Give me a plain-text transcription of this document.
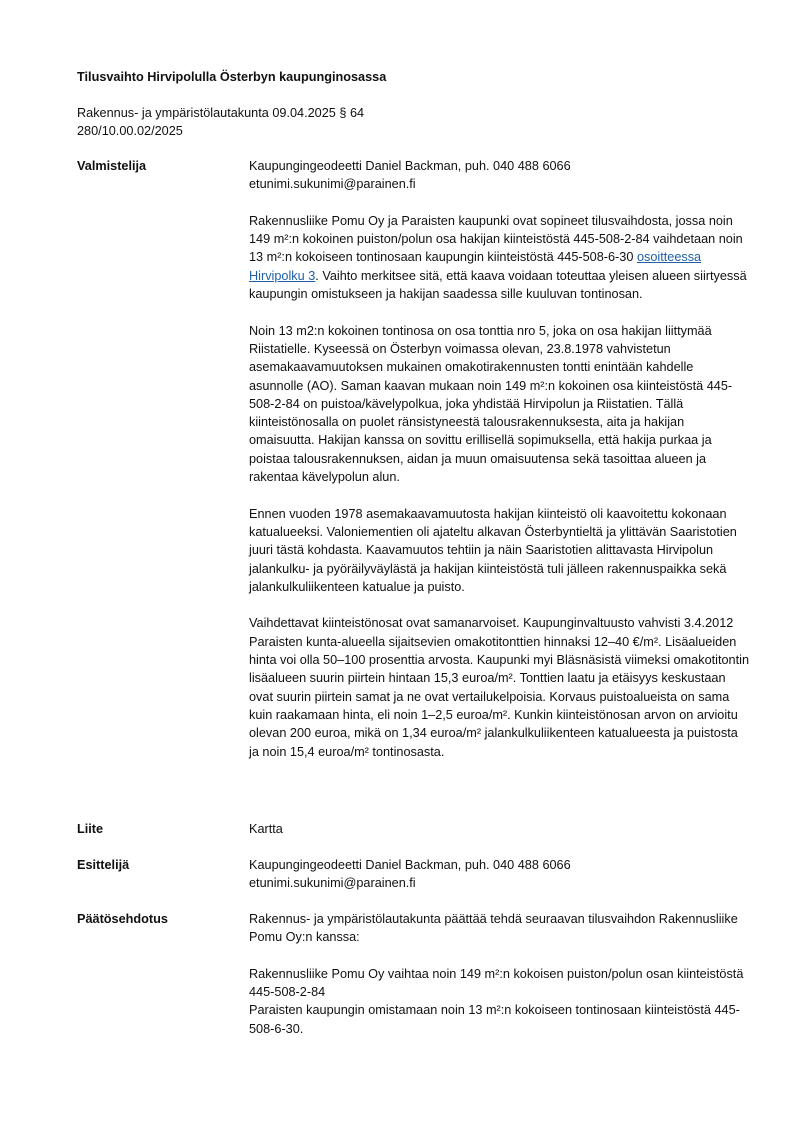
Tilusvaihto Hirvipolulla Österbyn kaupunginosassa
Rakennus- ja ympäristölautakunta 09.04.2025 § 64
280/10.00.02/2025
Valmistelija	Kaupungingeodeetti Daniel Backman, puh. 040 488 6066
etunimi.sukunimi@parainen.fi

Rakennusliike Pomu Oy ja Paraisten kaupunki ovat sopineet tilusvaihdosta, jossa noin 149 m²:n kokoinen puiston/polun osa hakijan kiinteistöstä 445-508-2-84 vaihdetaan noin 13 m²:n kokoiseen tontinosaan kaupungin kiinteistöstä 445-508-6-30 osoitteessa Hirvipolku 3. Vaihto merkitsee sitä, että kaava voidaan toteuttaa yleisen alueen siirtyessä kaupungin omistukseen ja hakijan saadessa sille kuuluvan tontinosan.

Noin 13 m2:n kokoinen tontinosa on osa tonttia nro 5, joka on osa hakijan liittymää Riistatielle. Kyseessä on Österbyn voimassa olevan, 23.8.1978 vahvistetun asemakaavamuutoksen mukainen omakotirakennusten tontti enintään kahdelle asunnolle (AO). Saman kaavan mukaan noin 149 m²:n kokoinen osa kiinteistöstä 445-508-2-84 on puistoa/kävelypolkua, joka yhdistää Hirvipolun ja Riistatien. Tällä kiinteistönosalla on puolet ränsistyneestä talousrakennuksesta, aita ja hakijan omaisuutta. Hakijan kanssa on sovittu erillisellä sopimuksella, että hakija purkaa ja poistaa talousrakennuksen, aidan ja muun omaisuutensa sekä tasoittaa alueen ja rakentaa kävelypolun alun.

Ennen vuoden 1978 asemakaavamuutosta hakijan kiinteistö oli kaavoitettu kokonaan katualueeksi. Valoniementien oli ajateltu alkavan Österbyntieltä ja ylittävän Saaristotien juuri tästä kohdasta. Kaavamuutos tehtiin ja näin Saaristotien alittavasta Hirvipolun jalankulku- ja pyöräilyväylästä ja hakijan kiinteistöstä tuli jälleen rakennuspaikka sekä jalankulkuliikenteen katualue ja puisto.

Vaihdettavat kiinteistönosat ovat samanarvoiset. Kaupunginvaltuusto vahvisti 3.4.2012 Paraisten kunta-alueella sijaitsevien omakotitonttien hinnaksi 12–40 €/m². Lisäalueiden hinta voi olla 50–100 prosenttia arvosta. Kaupunki myi Bläsnäsistä viimeksi omakotitontin lisäalueen suurin piirtein hintaan 15,3 euroa/m². Tonttien laatu ja etäisyys keskustaan ovat suurin piirtein samat ja ne ovat vertailukelpoisia. Korvaus puistoalueista on sama kuin raakamaan hinta, eli noin 1–2,5 euroa/m². Kunkin kiinteistönosan arvon on arvioitu olevan 200 euroa, mikä on 1,34 euroa/m² jalankulkuliikenteen katualueesta ja puistosta ja noin 15,4 euroa/m² tontinosasta.

Liite	Kartta
Esittelijä	Kaupungingeodeetti Daniel Backman, puh. 040 488 6066
etunimi.sukunimi@parainen.fi
Päätösehdotus	Rakennus- ja ympäristölautakunta päättää tehdä seuraavan tilusvaihdon Rakennusliike Pomu Oy:n kanssa:

Rakennusliike Pomu Oy vaihtaa noin 149 m²:n kokoisen puiston/polun osan kiinteistöstä 445-508-2-84
Paraisten kaupungin omistamaan noin 13 m²:n kokoiseen tontinosaan kiinteistöstä 445-508-6-30.
